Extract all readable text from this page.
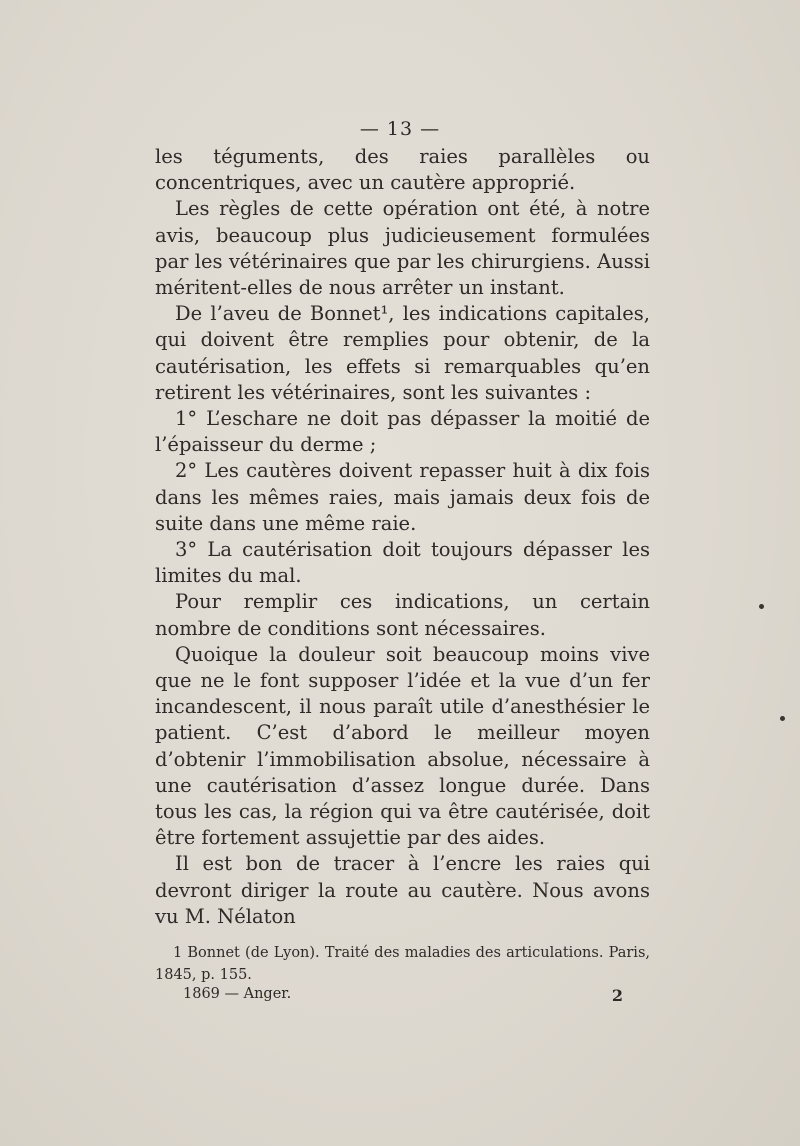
— 13 —

les téguments, des raies parallèles ou concentriques, avec un cautère approprié.

Les règles de cette opération ont été, à notre avis, beaucoup plus judicieusement formulées par les vétérinaires que par les chirurgiens. Aussi méritent-elles de nous arrêter un instant.

De l’aveu de Bonnet¹, les indications capitales, qui doivent être remplies pour obtenir, de la cautérisation, les effets si remarquables qu’en retirent les vétérinaires, sont les suivantes :

1° L’eschare ne doit pas dépasser la moitié de l’épaisseur du derme ;

2° Les cautères doivent repasser huit à dix fois dans les mêmes raies, mais jamais deux fois de suite dans une même raie.

3° La cautérisation doit toujours dépasser les limites du mal.

Pour remplir ces indications, un certain nombre de conditions sont nécessaires.

Quoique la douleur soit beaucoup moins vive que ne le font supposer l’idée et la vue d’un fer incandescent, il nous paraît utile d’anesthésier le patient. C’est d’abord le meilleur moyen d’obtenir l’immobilisation absolue, nécessaire à une cautérisation d’assez longue durée. Dans tous les cas, la région qui va être cautérisée, doit être fortement assujettie par des aides.

Il est bon de tracer à l’encre les raies qui devront diriger la route au cautère. Nous avons vu M. Nélaton

1 Bonnet (de Lyon). Traité des maladies des articulations. Paris, 1845, p. 155.

1869 — Anger.	2
